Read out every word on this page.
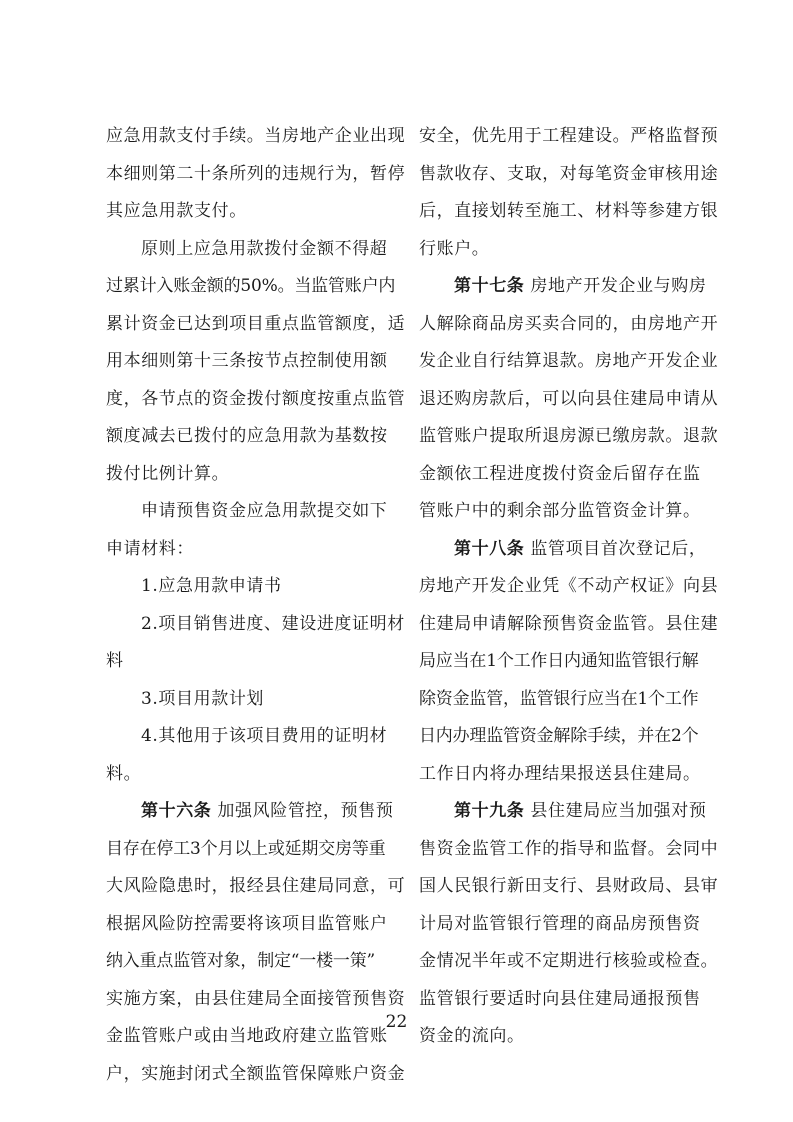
应急用款支付手续。当房地产企业出现
本细则第二十条所列的违规行为，暂停
其应急用款支付。
原则上应急用款拨付金额不得超
过累计入账金额的50%。当监管账户内
累计资金已达到项目重点监管额度，适
用本细则第十三条按节点控制使用额
度，各节点的资金拨付额度按重点监管
额度减去已拨付的应急用款为基数按
拨付比例计算。
申请预售资金应急用款提交如下
申请材料：
1.应急用款申请书
2.项目销售进度、建设进度证明材
料
3.项目用款计划
4.其他用于该项目费用的证明材
料。
第十六条 加强风险管控，预售预
目存在停工3个月以上或延期交房等重
大风险隐患时，报经县住建局同意，可
根据风险防控需要将该项目监管账户
纳入重点监管对象，制定“一楼一策”
实施方案，由县住建局全面接管预售资
金监管账户或由当地政府建立监管账
户，实施封闭式全额监管保障账户资金
安全，优先用于工程建设。严格监督预
售款收存、支取，对每笔资金审核用途
后，直接划转至施工、材料等参建方银
行账户。
第十七条 房地产开发企业与购房
人解除商品房买卖合同的，由房地产开
发企业自行结算退款。房地产开发企业
退还购房款后，可以向县住建局申请从
监管账户提取所退房源已缴房款。退款
金额依工程进度拨付资金后留存在监
管账户中的剩余部分监管资金计算。
第十八条 监管项目首次登记后，
房地产开发企业凭《不动产权证》向县
住建局申请解除预售资金监管。县住建
局应当在1个工作日内通知监管银行解
除资金监管，监管银行应当在1个工作
日内办理监管资金解除手续，并在2个
工作日内将办理结果报送县住建局。
第十九条 县住建局应当加强对预
售资金监管工作的指导和监督。会同中
国人民银行新田支行、县财政局、县审
计局对监管银行管理的商品房预售资
金情况半年或不定期进行核验或检查。
监管银行要适时向县住建局通报预售
资金的流向。
22
